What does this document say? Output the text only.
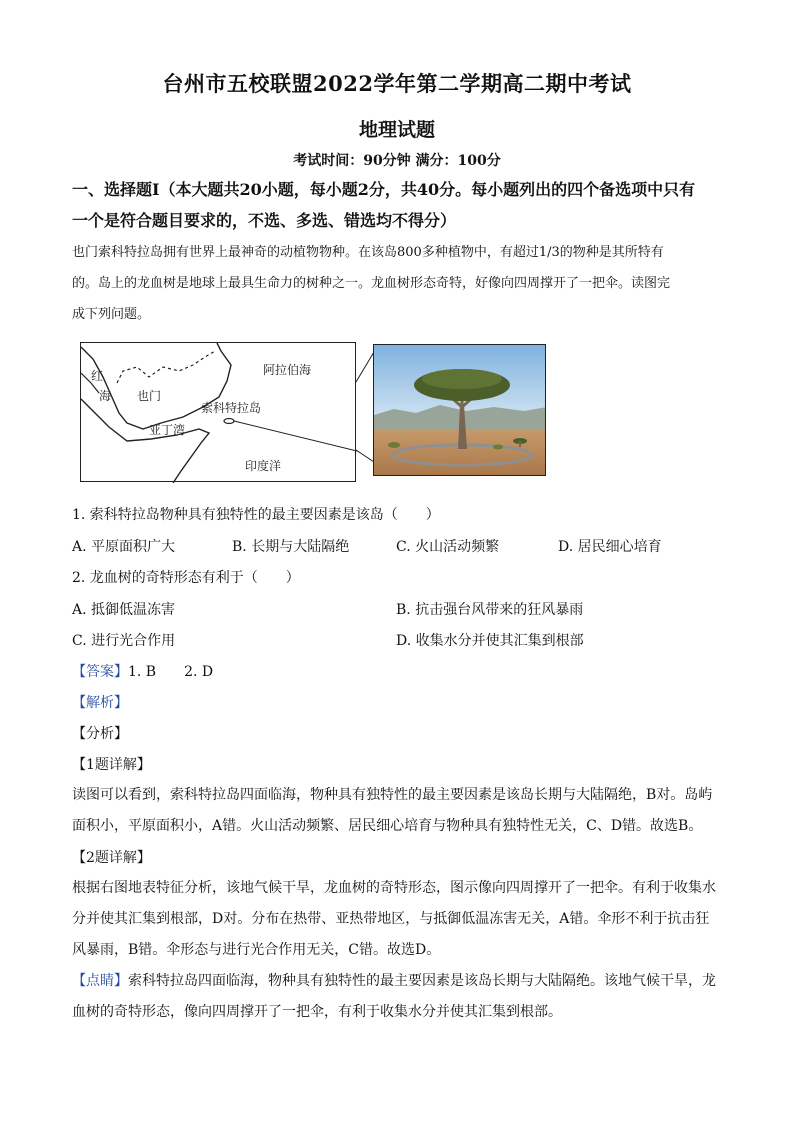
台州市五校联盟2022学年第二学期高二期中考试
地理试题
考试时间：90分钟 满分：100分

一、选择题Ⅰ（本大题共20小题，每小题2分，共40分。每小题列出的四个备选项中只有

一个是符合题目要求的，不选、多选、错选均不得分）

也门索科特拉岛拥有世界上最神奇的动植物物种。在该岛800多种植物中，有超过1/3的物种是其所特有

的。岛上的龙血树是地球上最具生命力的树种之一。龙血树形态奇特，好像向四周撑开了一把伞。读图完

成下列问题。

红
海 也门
阿拉伯海
索科特拉岛
亚丁湾
印度洋
1. 索科特拉岛物种具有独特性的最主要因素是该岛（　　）
A. 平原面积广大	B. 长期与大陆隔绝	C. 火山活动频繁	D. 居民细心培育
2. 龙血树的奇特形态有利于（　　）
A. 抵御低温冻害	B. 抗击强台风带来的狂风暴雨
C. 进行光合作用	D. 收集水分并使其汇集到根部
【答案】1. B　　2. D
【解析】
【分析】
【1题详解】

读图可以看到，索科特拉岛四面临海，物种具有独特性的最主要因素是该岛长期与大陆隔绝，B对。岛屿

面积小，平原面积小，A错。火山活动频繁、居民细心培育与物种具有独特性无关，C、D错。故选B。

【2题详解】

根据右图地表特征分析，该地气候干旱，龙血树的奇特形态，图示像向四周撑开了一把伞。有利于收集水

分并使其汇集到根部，D对。分布在热带、亚热带地区，与抵御低温冻害无关，A错。伞形不利于抗击狂

风暴雨，B错。伞形态与进行光合作用无关，C错。故选D。

【点睛】索科特拉岛四面临海，物种具有独特性的最主要因素是该岛长期与大陆隔绝。该地气候干旱，龙

血树的奇特形态，像向四周撑开了一把伞，有利于收集水分并使其汇集到根部。
